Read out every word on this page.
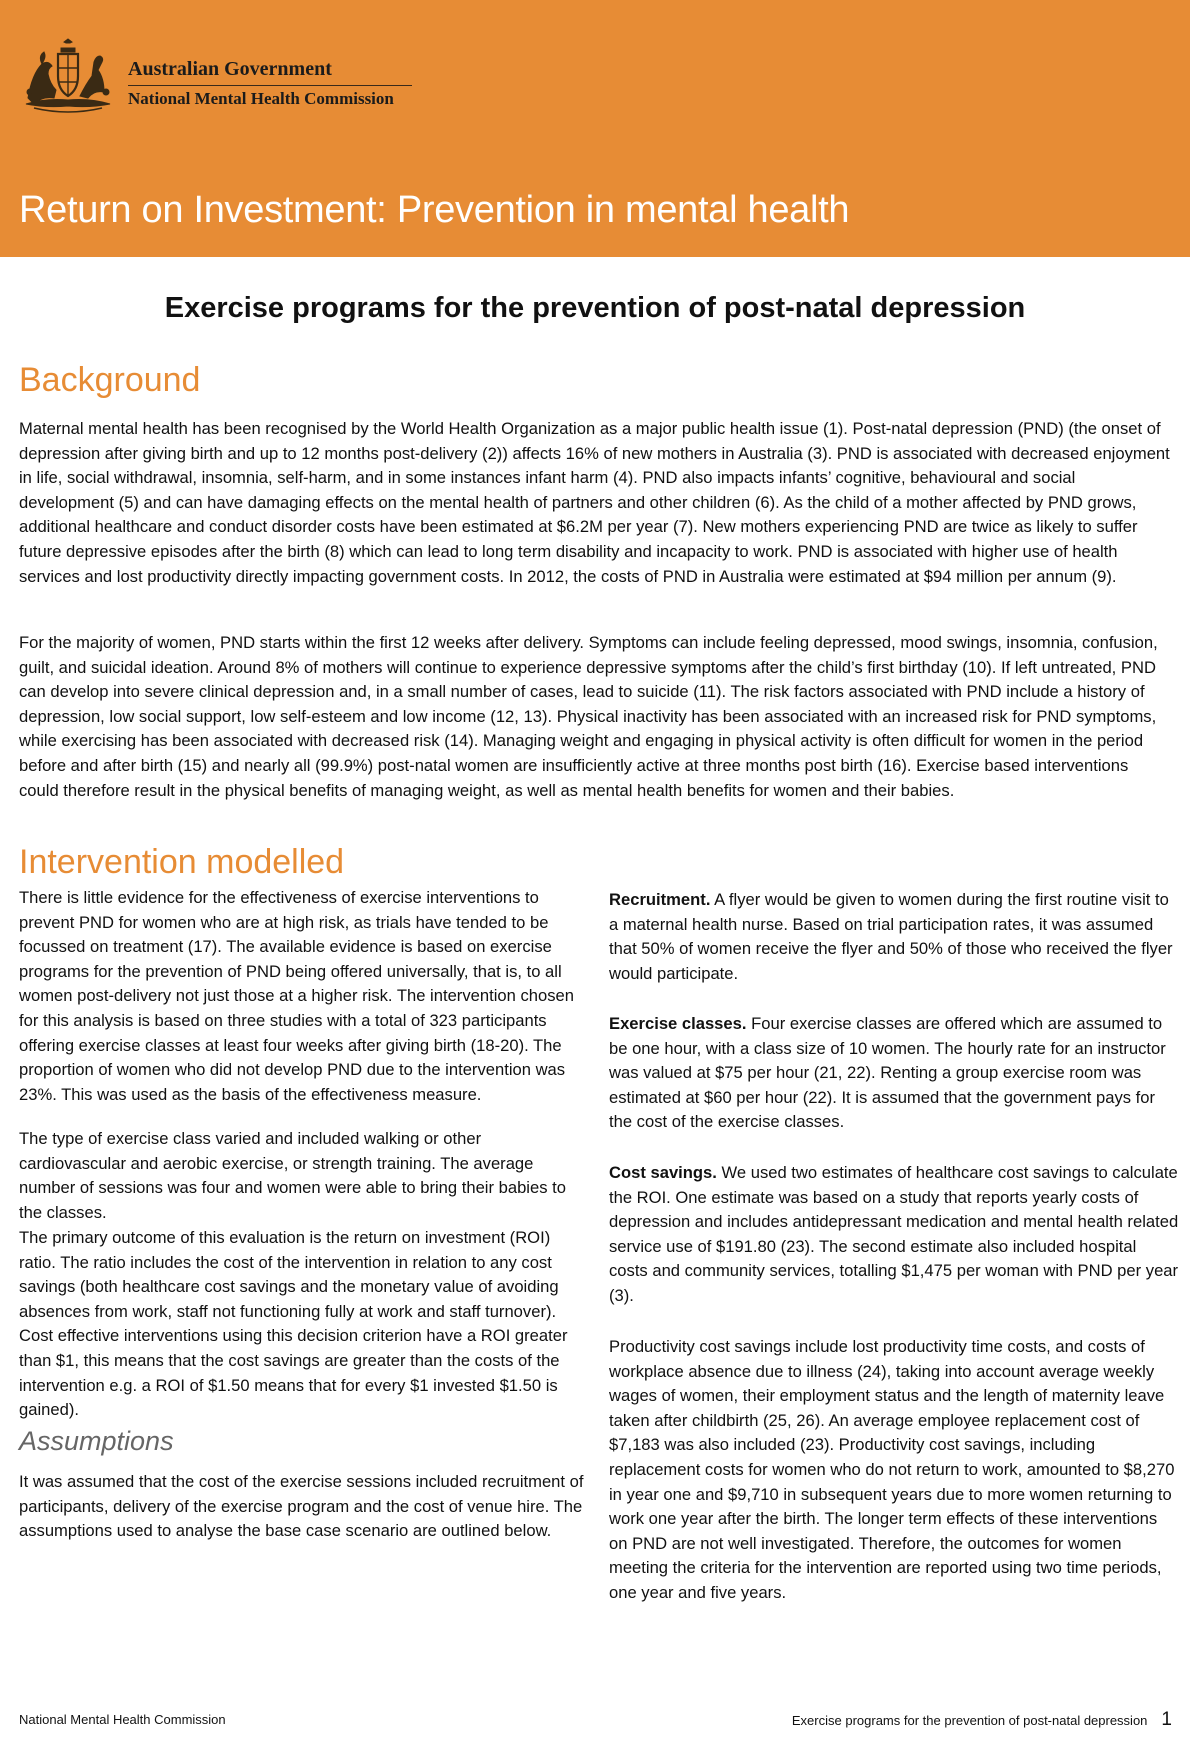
Australian Government
National Mental Health Commission
Return on Investment: Prevention in mental health
Exercise programs for the prevention of post-natal depression
Background

Maternal mental health has been recognised by the World Health Organization as a major public health issue (1). Post-natal depression (PND) (the onset of depression after giving birth and up to 12 months post-delivery (2)) affects 16% of new mothers in Australia (3). PND is associated with decreased enjoyment in life, social withdrawal, insomnia, self-harm, and in some instances infant harm (4). PND also impacts infants’ cognitive, behavioural and social development (5) and can have damaging effects on the mental health of partners and other children (6). As the child of a mother affected by PND grows, additional healthcare and conduct disorder costs have been estimated at $6.2M per year (7). New mothers experiencing PND are twice as likely to suffer future depressive episodes after the birth (8) which can lead to long term disability and incapacity to work. PND is associated with higher use of health services and lost productivity directly impacting government costs. In 2012, the costs of PND in Australia were estimated at $94 million per annum (9).

For the majority of women, PND starts within the first 12 weeks after delivery. Symptoms can include feeling depressed, mood swings, insomnia, confusion, guilt, and suicidal ideation. Around 8% of mothers will continue to experience depressive symptoms after the child’s first birthday (10). If left untreated, PND can develop into severe clinical depression and, in a small number of cases, lead to suicide (11). The risk factors associated with PND include a history of depression, low social support, low self-esteem and low income (12, 13). Physical inactivity has been associated with an increased risk for PND symptoms, while exercising has been associated with decreased risk (14). Managing weight and engaging in physical activity is often difficult for women in the period before and after birth (15) and nearly all (99.9%) post-natal women are insufficiently active at three months post birth (16). Exercise based interventions could therefore result in the physical benefits of managing weight, as well as mental health benefits for women and their babies.

Intervention modelled

There is little evidence for the effectiveness of exercise interventions to prevent PND for women who are at high risk, as trials have tended to be focussed on treatment (17). The available evidence is based on exercise programs for the prevention of PND being offered universally, that is, to all women post-delivery not just those at a higher risk. The intervention chosen for this analysis is based on three studies with a total of 323 participants offering exercise classes at least four weeks after giving birth (18-20). The proportion of women who did not develop PND due to the intervention was 23%. This was used as the basis of the effectiveness measure.

The type of exercise class varied and included walking or other cardiovascular and aerobic exercise, or strength training. The average number of sessions was four and women were able to bring their babies to the classes.

The primary outcome of this evaluation is the return on investment (ROI) ratio. The ratio includes the cost of the intervention in relation to any cost savings (both healthcare cost savings and the monetary value of avoiding absences from work, staff not functioning fully at work and staff turnover). Cost effective interventions using this decision criterion have a ROI greater than $1, this means that the cost savings are greater than the costs of the intervention e.g. a ROI of $1.50 means that for every $1 invested $1.50 is gained).

Assumptions

It was assumed that the cost of the exercise sessions included recruitment of participants, delivery of the exercise program and the cost of venue hire. The assumptions used to analyse the base case scenario are outlined below.

Recruitment. A flyer would be given to women during the first routine visit to a maternal health nurse. Based on trial participation rates, it was assumed that 50% of women receive the flyer and 50% of those who received the flyer would participate.

Exercise classes. Four exercise classes are offered which are assumed to be one hour, with a class size of 10 women. The hourly rate for an instructor was valued at $75 per hour (21, 22). Renting a group exercise room was estimated at $60 per hour (22). It is assumed that the government pays for the cost of the exercise classes.

Cost savings. We used two estimates of healthcare cost savings to calculate the ROI. One estimate was based on a study that reports yearly costs of depression and includes antidepressant medication and mental health related service use of $191.80 (23). The second estimate also included hospital costs and community services, totalling $1,475 per woman with PND per year (3).

Productivity cost savings include lost productivity time costs, and costs of workplace absence due to illness (24), taking into account average weekly wages of women, their employment status and the length of maternity leave taken after childbirth (25, 26). An average employee replacement cost of $7,183 was also included (23). Productivity cost savings, including replacement costs for women who do not return to work, amounted to $8,270 in year one and $9,710 in subsequent years due to more women returning to work one year after the birth. The longer term effects of these interventions on PND are not well investigated. Therefore, the outcomes for women meeting the criteria for the intervention are reported using two time periods, one year and five years.

National Mental Health Commission	Exercise programs for the prevention of post-natal depression 1
